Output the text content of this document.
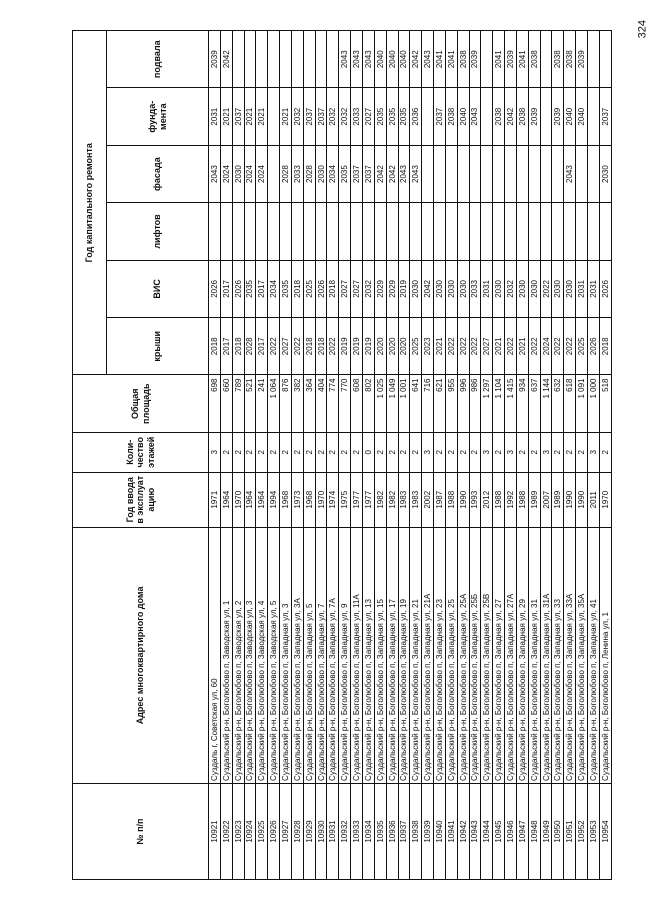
324
№ п/п	Адрес многоквартирного дома	Год ввода в эксплуат ацию	Коли-чество этажей	Общая площадь	Год капитального ремонта					
					крыши	ВИС	лифтов	фасада	фунда-мента	подвала
10921	Суздаль г, Советская ул, 60	1971	3	698	2018	2026		2043	2031	2039
10922	Суздальский р-н, Боголюбово п, Заводская ул, 1	1964	2	660	2017	2017		2024	2021	2042
10923	Суздальский р-н, Боголюбово п, Заводская ул, 2	1970	2	789	2018	2026		2030	2037	
10924	Суздальский р-н, Боголюбово п, Заводская ул, 3	1964	2	521	2028	2035		2024	2021	
10925	Суздальский р-н, Боголюбово п, Заводская ул, 4	1964	2	241	2017	2017		2024	2021	
10926	Суздальский р-н, Боголюбово п, Заводская ул, 5	1994	2	1 064	2022	2034				
10927	Суздальский р-н, Боголюбово п, Западная ул, 3	1968	2	876	2027	2035		2028	2021	
10928	Суздальский р-н, Боголюбово п, Западная ул, 3А	1973	2	382	2022	2018		2033	2032	
10929	Суздальский р-н, Боголюбово п, Западная ул, 5	1968	2	364	2018	2025		2028	2037	
10930	Суздальский р-н, Боголюбово п, Западная ул, 7	1970	2	404	2018	2026		2030	2037	
10931	Суздальский р-н, Боголюбово п, Западная ул, 7А	1974	2	774	2022	2018		2034	2032	
10932	Суздальский р-н, Боголюбово п, Западная ул, 9	1975	2	770	2019	2027		2035	2032	2043
10933	Суздальский р-н, Боголюбово п, Западная ул, 11А	1977	2	608	2019	2027		2037	2033	2043
10934	Суздальский р-н, Боголюбово п, Западная ул, 13	1977	0	802	2019	2032		2037	2027	2043
10935	Суздальский р-н, Боголюбово п, Западная ул, 15	1982	2	1 025	2020	2029		2042	2035	2040
10936	Суздальский р-н, Боголюбово п, Западная ул, 17	1982	2	1 049	2020	2029		2042	2035	2040
10937	Суздальский р-н, Боголюбово п, Западная ул, 19	1983	2	1 001	2020	2019		2043	2035	2040
10938	Суздальский р-н, Боголюбово п, Западная ул, 21	1983	2	641	2025	2030		2043	2036	2042
10939	Суздальский р-н, Боголюбово п, Западная ул, 21А	2002	3	716	2023	2042				2043
10940	Суздальский р-н, Боголюбово п, Западная ул, 23	1987	2	621	2021	2030			2037	2041
10941	Суздальский р-н, Боголюбово п, Западная ул, 25	1988	2	955	2022	2030			2038	2041
10942	Суздальский р-н, Боголюбово п, Западная ул, 25А	1990	2	996	2022	2030			2040	2038
10943	Суздальский р-н, Боголюбово п, Западная ул, 25Б	1993	2	986	2022	2033			2043	2039
10944	Суздальский р-н, Боголюбово п, Западная ул, 25В	2012	3	1 297	2027	2031				
10945	Суздальский р-н, Боголюбово п, Западная ул, 27	1988	2	1 104	2021	2030			2038	2041
10946	Суздальский р-н, Боголюбово п, Западная ул, 27А	1992	3	1 415	2022	2032			2042	2039
10947	Суздальский р-н, Боголюбово п, Западная ул, 29	1988	2	934	2021	2030			2038	2041
10948	Суздальский р-н, Боголюбово п, Западная ул, 31	1989	2	637	2022	2030			2039	2038
10949	Суздальский р-н, Боголюбово п, Западная ул, 31А	2007	3	1 144	2024	2022				
10950	Суздальский р-н, Боголюбово п, Западная ул, 33	1989	2	632	2022	2030			2039	2038
10951	Суздальский р-н, Боголюбово п, Западная ул, 33А	1990	2	618	2022	2030		2043	2040	2038
10952	Суздальский р-н, Боголюбово п, Западная ул, 35А	1990	2	1 091	2025	2031			2040	2039
10953	Суздальский р-н, Боголюбово п, Западная ул, 41	2011	3	1 000	2026	2031				
10954	Суздальский р-н, Боголюбово п, Ленина ул, 1	1970	2	518	2018	2026		2030	2037	
